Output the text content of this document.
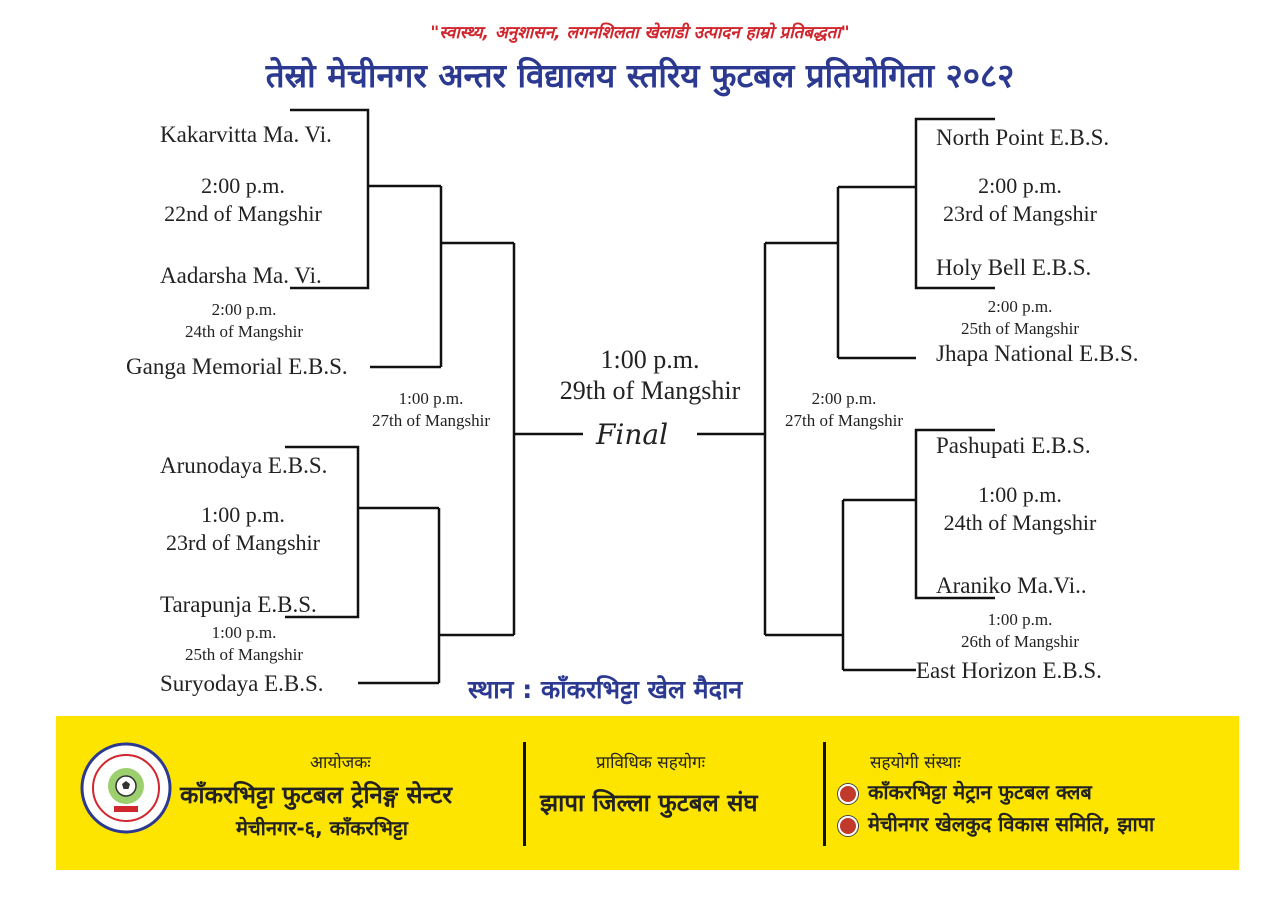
"स्वास्थ्य, अनुशासन, लगनशिलता खेलाडी उत्पादन हाम्रो प्रतिबद्धता"
तेस्रो मेचीनगर अन्तर विद्यालय स्तरिय फुटबल प्रतियोगिता २०८२
Kakarvitta Ma. Vi.
2:00 p.m.
22nd of Mangshir
Aadarsha Ma. Vi.
2:00 p.m.
24th of Mangshir
Ganga Memorial E.B.S.
1:00 p.m.
27th of Mangshir
Arunodaya E.B.S.
1:00 p.m.
23rd of Mangshir
Tarapunja E.B.S.
1:00 p.m.
25th of Mangshir
Suryodaya E.B.S.
1:00 p.m.
29th of Mangshir
Final
North Point E.B.S.
2:00 p.m.
23rd of Mangshir
Holy Bell E.B.S.
2:00 p.m.
25th of Mangshir
Jhapa National E.B.S.
2:00 p.m.
27th of Mangshir
Pashupati E.B.S.
1:00 p.m.
24th of Mangshir
Araniko Ma.Vi..
1:00 p.m.
26th of Mangshir
East Horizon E.B.S.
स्थान : काँकरभिट्टा खेल मैदान
आयोजकः
काँकरभिट्टा फुटबल ट्रेनिङ्ग सेन्टर
मेचीनगर-६, काँकरभिट्टा
प्राविधिक सहयोगः
झापा जिल्ला फुटबल संघ
सहयोगी संस्थाः
काँकरभिट्टा मेट्रान फुटबल क्लब
मेचीनगर खेलकुद विकास समिति, झापा
